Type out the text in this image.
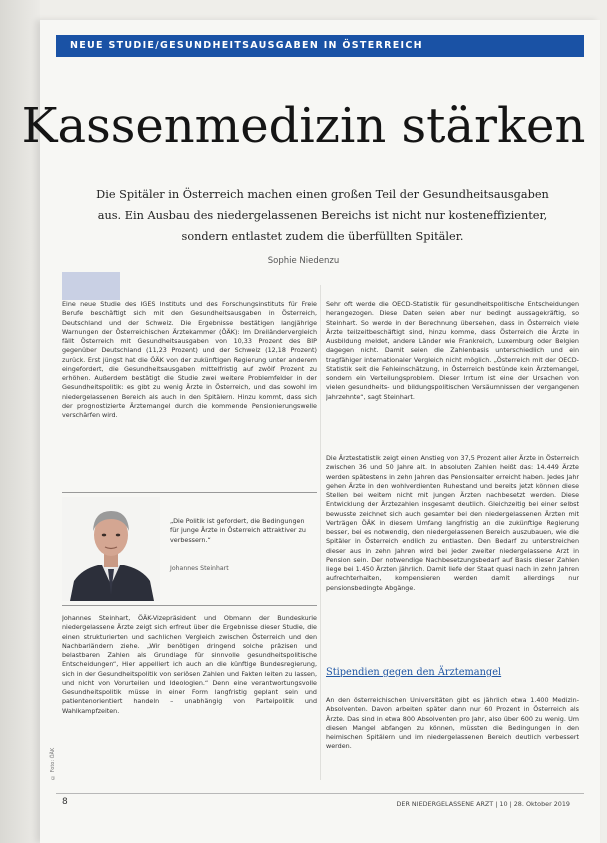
NEUE STUDIE/GESUNDHEITSAUSGABEN IN ÖSTERREICH
Kassenmedizin stärken
Die Spitäler in Österreich machen einen großen Teil der Gesundheitsausgaben aus. Ein Ausbau des niedergelassenen Bereichs ist nicht nur kosteneffizienter, sondern entlastet zudem die überfüllten Spitäler.
Sophie Niedenzu

Eine neue Studie des IGES Instituts und des Forschungsinstituts für Freie Berufe beschäftigt sich mit den Gesundheitsausgaben in Österreich, Deutschland und der Schweiz. Die Ergebnisse bestätigen langjährige Warnungen der Österreichischen Ärztekammer (ÖÄK): Im Dreiländervergleich fällt Österreich mit Gesundheitsausgaben von 10,33 Prozent des BIP gegenüber Deutschland (11,23 Prozent) und der Schweiz (12,18 Prozent) zurück. Erst jüngst hat die ÖÄK von der zukünftigen Regierung unter anderem eingefordert, die Gesundheitsausgaben mittelfristig auf zwölf Prozent zu erhöhen. Außerdem bestätigt die Studie zwei weitere Problemfelder in der Gesundheitspolitik: es gibt zu wenig Ärzte in Österreich, und das sowohl im niedergelassenen Bereich als auch in den Spitälern. Hinzu kommt, dass sich der prognostizierte Ärztemangel durch die kommende Pensionierungswelle verschärfen wird.

„Die Politik ist gefordert, die Bedingungen für junge Ärzte in Österreich attraktiver zu verbessern.“
Johannes Steinhart

Johannes Steinhart, ÖÄK-Vizepräsident und Obmann der Bundeskurie niedergelassene Ärzte zeigt sich erfreut über die Ergebnisse dieser Studie, die einen strukturierten und sachlichen Vergleich zwischen Österreich und den Nachbarländern ziehe. „Wir benötigen dringend solche präzisen und belastbaren Zahlen als Grundlage für sinnvolle gesundheitspolitische Entscheidungen“, Hier appelliert ich auch an die künftige Bundesregierung, sich in der Gesundheitspolitik von seriösen Zahlen und Fakten leiten zu lassen, und nicht von Vorurteilen und Ideologien.“ Denn eine verantwortungsvolle Gesundheitspolitik müsse in einer Form langfristig geplant sein und patientenorientiert handeln – unabhängig von Parteipolitik und Wahlkampfzeiten.

Sehr oft werde die OECD-Statistik für gesundheitspolitische Entscheidungen herangezogen. Diese Daten seien aber nur bedingt aussagekräftig, so Steinhart. So werde in der Berechnung übersehen, dass in Österreich viele Ärzte teilzeitbeschäftigt sind, hinzu komme, dass Österreich die Ärzte in Ausbildung meldet, andere Länder wie Frankreich, Luxemburg oder Belgien dagegen nicht. Damit seien die Zahlenbasis unterschiedlich und ein tragfähiger internationaler Vergleich nicht möglich. „Österreich mit der OECD-Statistik seit die Fehleinschätzung, in Österreich bestünde kein Ärztemangel, sondern ein Verteilungsproblem. Dieser Irrtum ist eine der Ursachen von vielen gesundheits- und bildungspolitischen Versäumnissen der vergangenen Jahrzehnte“, sagt Steinhart.

Die Ärztestatistik zeigt einen Anstieg von 37,5 Prozent aller Ärzte in Österreich zwischen 36 und 50 Jahre alt. In absoluten Zahlen heißt das: 14.449 Ärzte werden spätestens in zehn Jahren das Pensionsalter erreicht haben. Jedes Jahr gehen Ärzte in den wohlverdienten Ruhestand und bereits jetzt können diese Stellen bei weitem nicht mit jungen Ärzten nachbesetzt werden. Diese Entwicklung der Ärztezahlen insgesamt deutlich. Gleichzeitig bei einer selbst bewusste zeichnet sich auch gesamter bei den niedergelassenen Ärzten mit Verträgen ÖÄK in diesem Umfang langfristig an die zukünftige Regierung besser, bei es notwendig, den niedergelassenen Bereich auszubauen, wie die Spitäler in Österreich endlich zu entlasten. Den Bedarf zu unterstreichen dieser aus in zehn Jahren wird bei jeder zweiter niedergelassene Arzt in Pension sein. Der notwendige Nachbesetzungsbedarf auf Basis dieser Zahlen liege bei 1.450 Ärzten jährlich. Damit liefe der Staat quasi nach in zehn Jahren aufrechterhalten, kompensieren werden damit allerdings nur pensionsbedingte Abgänge.

Stipendien gegen den Ärztemangel

An den österreichischen Universitäten gibt es jährlich etwa 1.400 Medizin-Absolventen. Davon arbeiten später dann nur 60 Prozent in Österreich als Ärzte. Das sind in etwa 800 Absolventen pro Jahr, also über 600 zu wenig. Um diesen Mangel abfangen zu können, müssten die Bedingungen in den heimischen Spitälern und im niedergelassenen Bereich deutlich verbessert werden.

© Foto: ÖÄK
8	DER NIEDERGELASSENE ARZT | 10 | 28. Oktober 2019
